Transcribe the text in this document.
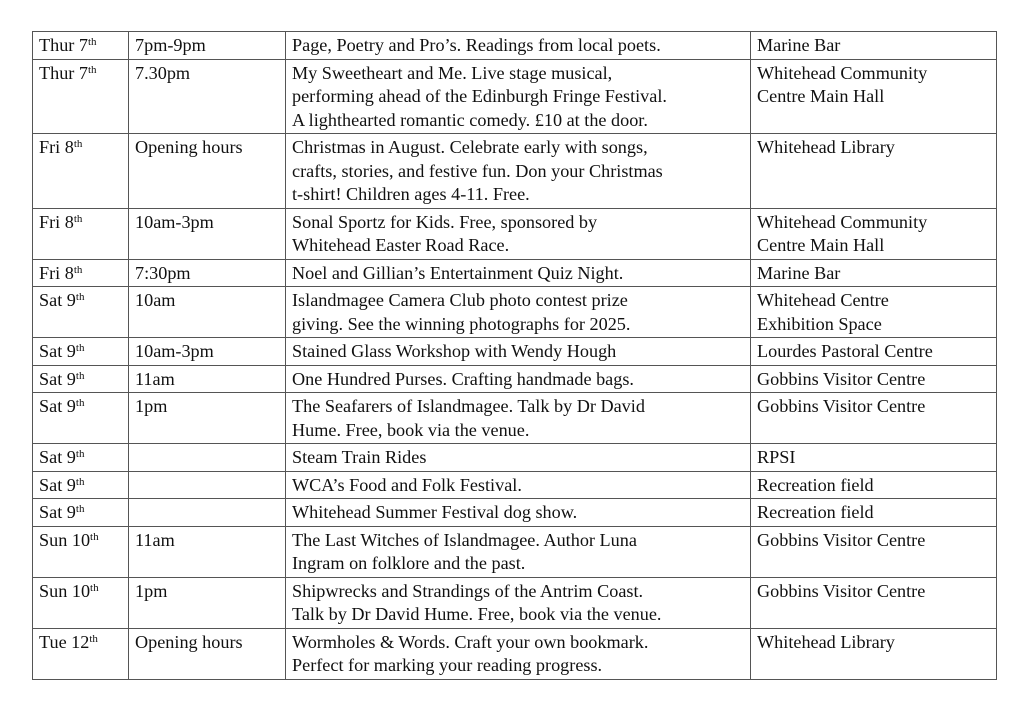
Thur 7th	7pm-9pm	Page, Poetry and Pro’s. Readings from local poets.	Marine Bar

Thur 7th	7.30pm	My Sweetheart and Me. Live stage musical,
performing ahead of the Edinburgh Fringe Festival.
A lighthearted romantic comedy. £10 at the door.	Whitehead Community
Centre Main Hall

Fri 8th	Opening hours	Christmas in August. Celebrate early with songs,
crafts, stories, and festive fun. Don your Christmas
t-shirt! Children ages 4-11. Free.	Whitehead Library

Fri 8th	10am-3pm	Sonal Sportz for Kids. Free, sponsored by
Whitehead Easter Road Race.	Whitehead Community
Centre Main Hall

Fri 8th	7:30pm	Noel and Gillian’s Entertainment Quiz Night.	Marine Bar

Sat 9th	10am	Islandmagee Camera Club photo contest prize
giving. See the winning photographs for 2025.	Whitehead Centre
Exhibition Space

Sat 9th	10am-3pm	Stained Glass Workshop with Wendy Hough	Lourdes Pastoral Centre

Sat 9th	11am	One Hundred Purses. Crafting handmade bags.	Gobbins Visitor Centre

Sat 9th	1pm	The Seafarers of Islandmagee. Talk by Dr David
Hume. Free, book via the venue.	Gobbins Visitor Centre

Sat 9th		Steam Train Rides	RPSI

Sat 9th		WCA’s Food and Folk Festival.	Recreation field

Sat 9th		Whitehead Summer Festival dog show.	Recreation field

Sun 10th	11am	The Last Witches of Islandmagee. Author Luna
Ingram on folklore and the past.	Gobbins Visitor Centre

Sun 10th	1pm	Shipwrecks and Strandings of the Antrim Coast.
Talk by Dr David Hume. Free, book via the venue.	Gobbins Visitor Centre

Tue 12th	Opening hours	Wormholes & Words. Craft your own bookmark.
Perfect for marking your reading progress.	Whitehead Library
